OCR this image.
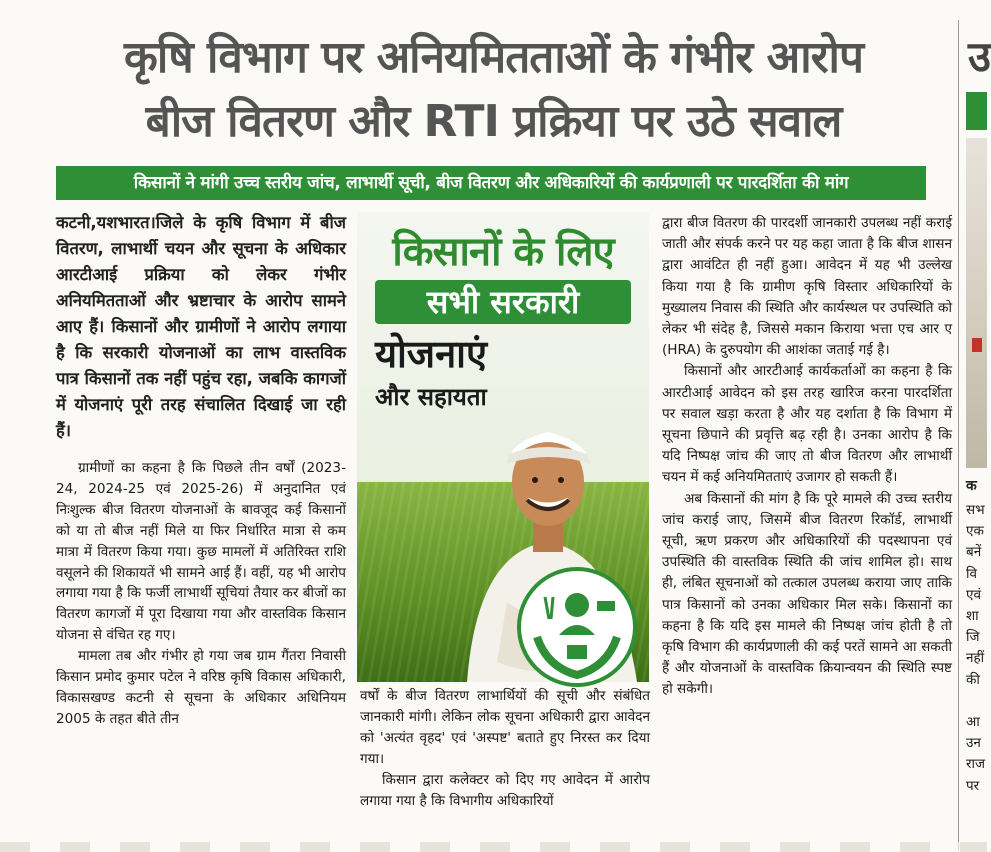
कृषि विभाग पर अनियमितताओं के गंभीर आरोप
बीज वितरण और RTI प्रक्रिया पर उठे सवाल
किसानों ने मांगी उच्च स्तरीय जांच, लाभार्थी सूची, बीज वितरण और अधिकारियों की कार्यप्रणाली पर पारदर्शिता की मांग

कटनी,यशभारत।जिले के कृषि विभाग में बीज वितरण, लाभार्थी चयन और सूचना के अधिकार आरटीआई प्रक्रिया को लेकर गंभीर अनियमितताओं और भ्रष्टाचार के आरोप सामने आए हैं। किसानों और ग्रामीणों ने आरोप लगाया है कि सरकारी योजनाओं का लाभ वास्तविक पात्र किसानों तक नहीं पहुंच रहा, जबकि कागजों में योजनाएं पूरी तरह संचालित दिखाई जा रही हैं।

ग्रामीणों का कहना है कि पिछले तीन वर्षों (2023-24, 2024-25 एवं 2025-26) में अनुदानित एवं निःशुल्क बीज वितरण योजनाओं के बावजूद कई किसानों को या तो बीज नहीं मिले या फिर निर्धारित मात्रा से कम मात्रा में वितरण किया गया। कुछ मामलों में अतिरिक्त राशि वसूलने की शिकायतें भी सामने आई हैं। वहीं, यह भी आरोप लगाया गया है कि फर्जी लाभार्थी सूचियां तैयार कर बीजों का वितरण कागजों में पूरा दिखाया गया और वास्तविक किसान योजना से वंचित रह गए।

मामला तब और गंभीर हो गया जब ग्राम गैंतरा निवासी किसान प्रमोद कुमार पटेल ने वरिष्ठ कृषि विकास अधिकारी, विकासखण्ड कटनी से सूचना के अधिकार अधिनियम 2005 के तहत बीते तीन

किसानों के लिए
सभी सरकारी
योजनाएं
और सहायता

वर्षों के बीज वितरण लाभार्थियों की सूची और संबंधित जानकारी मांगी। लेकिन लोक सूचना अधिकारी द्वारा आवेदन को 'अत्यंत वृहद' एवं 'अस्पष्ट' बताते हुए निरस्त कर दिया गया।

किसान द्वारा कलेक्टर को दिए गए आवेदन में आरोप लगाया गया है कि विभागीय अधिकारियों

द्वारा बीज वितरण की पारदर्शी जानकारी उपलब्ध नहीं कराई जाती और संपर्क करने पर यह कहा जाता है कि बीज शासन द्वारा आवंटित ही नहीं हुआ। आवेदन में यह भी उल्लेख किया गया है कि ग्रामीण कृषि विस्तार अधिकारियों के मुख्यालय निवास की स्थिति और कार्यस्थल पर उपस्थिति को लेकर भी संदेह है, जिससे मकान किराया भत्ता एच आर ए (HRA) के दुरुपयोग की आशंका जताई गई है।

किसानों और आरटीआई कार्यकर्ताओं का कहना है कि आरटीआई आवेदन को इस तरह खारिज करना पारदर्शिता पर सवाल खड़ा करता है और यह दर्शाता है कि विभाग में सूचना छिपाने की प्रवृत्ति बढ़ रही है। उनका आरोप है कि यदि निष्पक्ष जांच की जाए तो बीज वितरण और लाभार्थी चयन में कई अनियमितताएं उजागर हो सकती हैं।

अब किसानों की मांग है कि पूरे मामले की उच्च स्तरीय जांच कराई जाए, जिसमें बीज वितरण रिकॉर्ड, लाभार्थी सूची, ऋण प्रकरण और अधिकारियों की पदस्थापना एवं उपस्थिति की वास्तविक स्थिति की जांच शामिल हो। साथ ही, लंबित सूचनाओं को तत्काल उपलब्ध कराया जाए ताकि पात्र किसानों को उनका अधिकार मिल सके। किसानों का कहना है कि यदि इस मामले की निष्पक्ष जांच होती है तो कृषि विभाग की कार्यप्रणाली की कई परतें सामने आ सकती हैं और योजनाओं के वास्तविक क्रियान्वयन की स्थिति स्पष्ट हो सकेगी।

उ
क
सभ
एक
बनें
वि
एवं
शा
जि
नहीं
की

आ
उन
राज
पर
